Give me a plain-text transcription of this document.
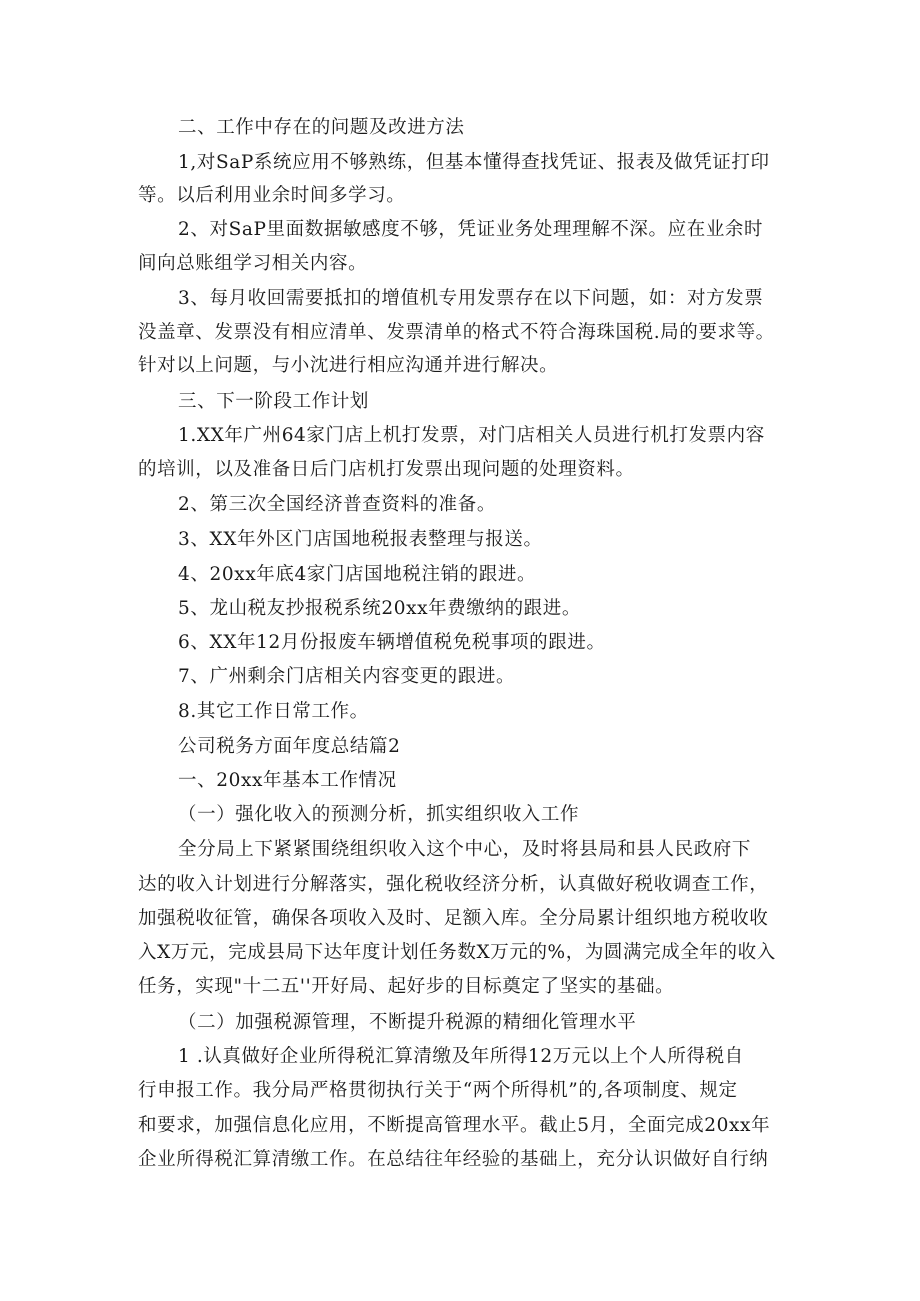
二、工作中存在的问题及改进方法
1,对SaP系统应用不够熟练，但基本懂得查找凭证、报表及做凭证打印
等。以后利用业余时间多学习。
2、对SaP里面数据敏感度不够，凭证业务处理理解不深。应在业余时
间向总账组学习相关内容。
3、每月收回需要抵扣的增值机专用发票存在以下问题，如：对方发票
没盖章、发票没有相应清单、发票清单的格式不符合海珠国税.局的要求等。
针对以上问题，与小沈进行相应沟通并进行解决。
三、下一阶段工作计划
1.XX年广州64家门店上机打发票，对门店相关人员进行机打发票内容
的培训，以及准备日后门店机打发票出现问题的处理资料。
2、第三次全国经济普查资料的准备。
3、XX年外区门店国地税报表整理与报送。
4、20xx年底4家门店国地税注销的跟进。
5、龙山税友抄报税系统20xx年费缴纳的跟进。
6、XX年12月份报废车辆增值税免税事项的跟进。
7、广州剩余门店相关内容变更的跟进。
8.其它工作日常工作。
公司税务方面年度总结篇2
一、20xx年基本工作情况
（一）强化收入的预测分析，抓实组织收入工作
全分局上下紧紧围绕组织收入这个中心，及时将县局和县人民政府下
达的收入计划进行分解落实，强化税收经济分析，认真做好税收调查工作，
加强税收征管，确保各项收入及时、足额入库。全分局累计组织地方税收收
入X万元，完成县局下达年度计划任务数X万元的%，为圆满完成全年的收入
任务，实现"十二五''开好局、起好步的目标奠定了坚实的基础。
（二）加强税源管理，不断提升税源的精细化管理水平
1 .认真做好企业所得税汇算清缴及年所得12万元以上个人所得税自
行申报工作。我分局严格贯彻执行关于“两个所得机”的,各项制度、规定
和要求，加强信息化应用，不断提高管理水平。截止5月，全面完成20xx年
企业所得税汇算清缴工作。在总结往年经验的基础上，充分认识做好自行纳
